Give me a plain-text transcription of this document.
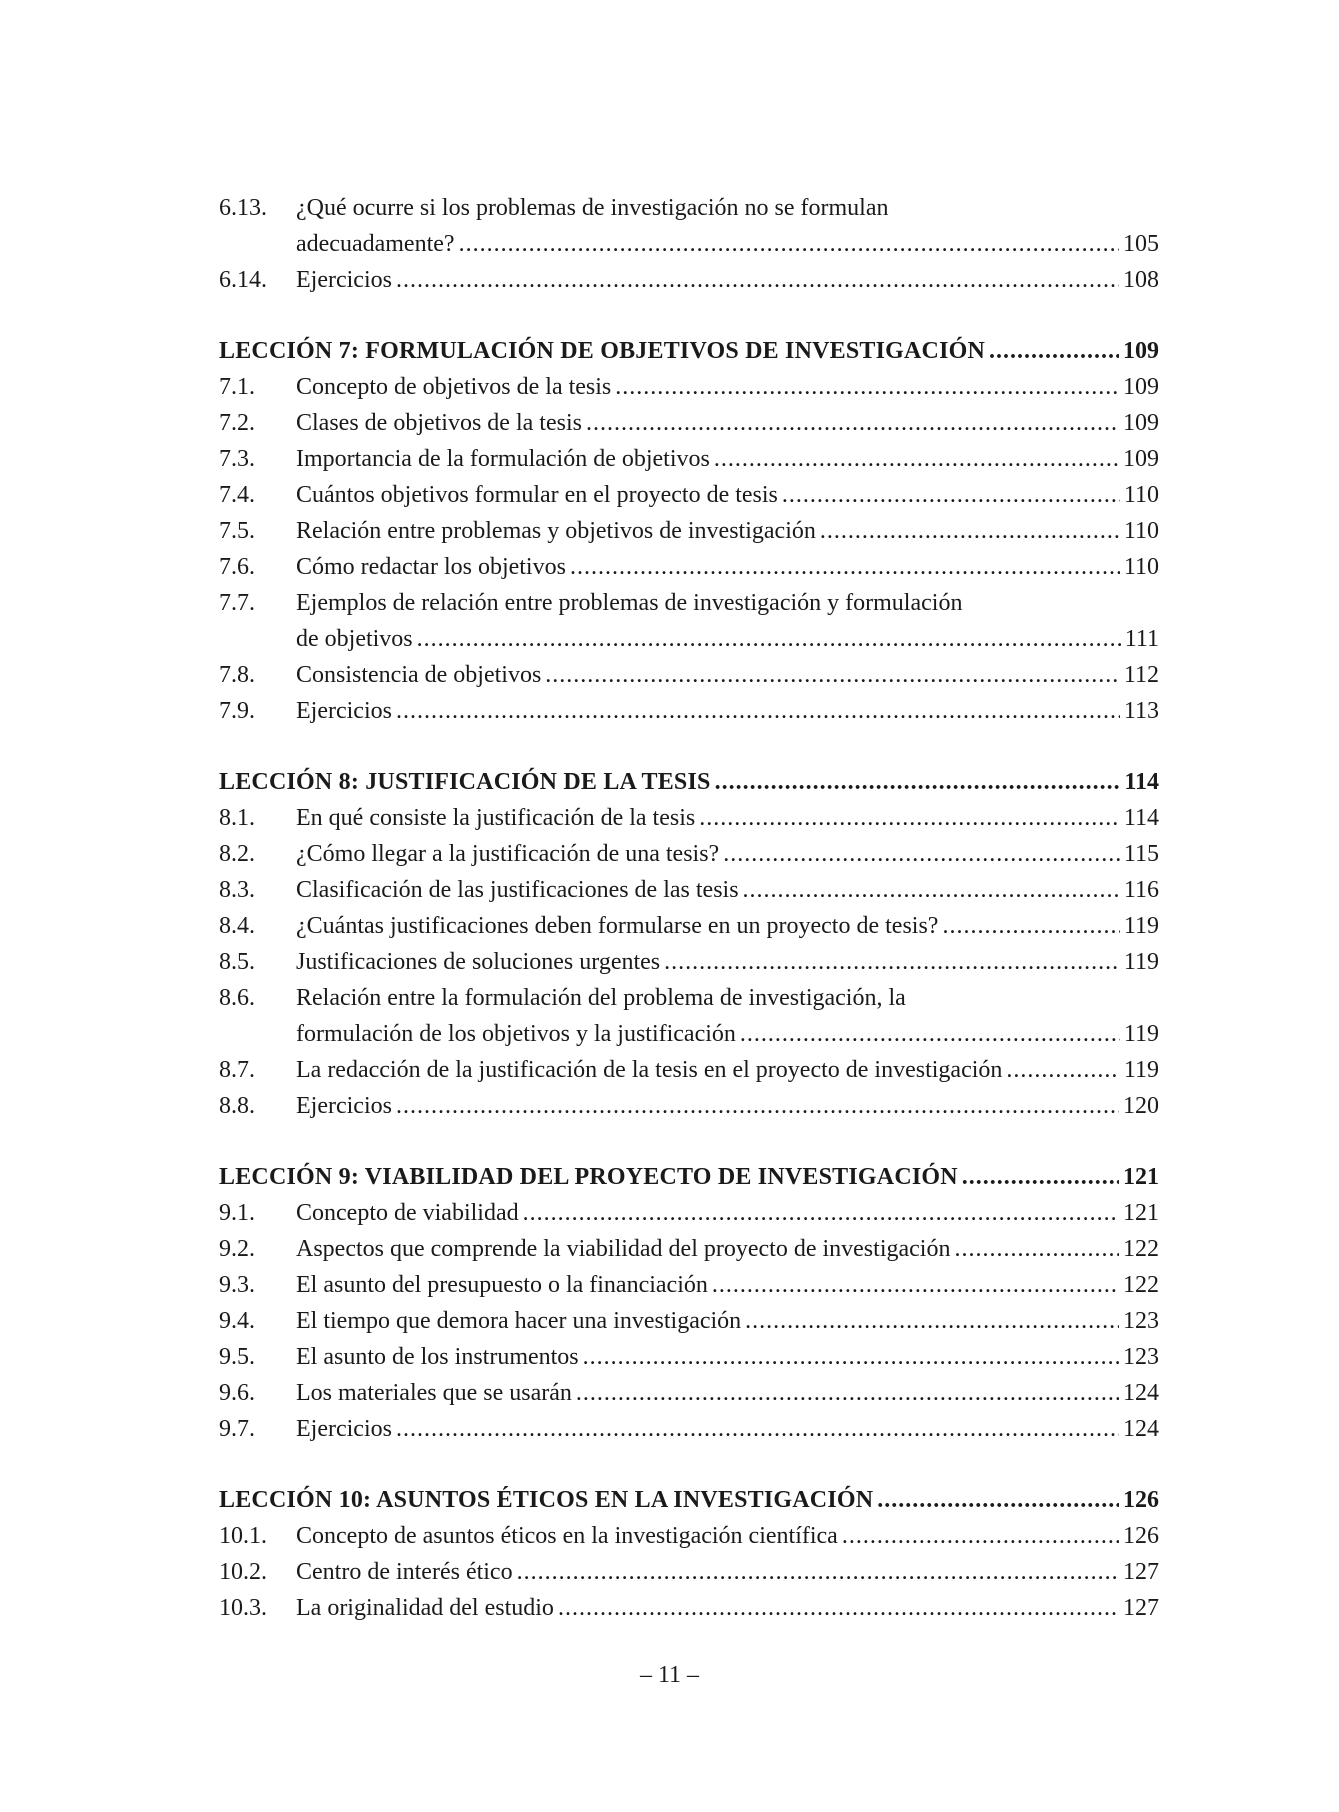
6.13.	¿Qué ocurre si los problemas de investigación no se formulan
adecuadamente? .....	105
6.14.	Ejercicios .....	108
LECCIÓN 7: FORMULACIÓN DE OBJETIVOS DE INVESTIGACIÓN .....	109
7.1.	Concepto de objetivos de la tesis .....	109
7.2.	Clases de objetivos de la tesis .....	109
7.3.	Importancia de la formulación de objetivos .....	109
7.4.	Cuántos objetivos formular en el proyecto de tesis .....	110
7.5.	Relación entre problemas y objetivos de investigación .....	110
7.6.	Cómo redactar los objetivos .....	110
7.7.	Ejemplos de relación entre problemas de investigación y formulación
de objetivos .....	111
7.8.	Consistencia de objetivos .....	112
7.9.	Ejercicios .....	113
LECCIÓN 8: JUSTIFICACIÓN DE LA TESIS .....	114
8.1.	En qué consiste la justificación de la tesis .....	114
8.2.	¿Cómo llegar a la justificación de una tesis? .....	115
8.3.	Clasificación de las justificaciones de las tesis .....	116
8.4.	¿Cuántas justificaciones deben formularse en un proyecto de tesis? .....	119
8.5.	Justificaciones de soluciones urgentes .....	119
8.6.	Relación entre la formulación del problema de investigación, la
formulación de los objetivos y la justificación .....	119
8.7.	La redacción de la justificación de la tesis en el proyecto de investigación .....	119
8.8.	Ejercicios .....	120
LECCIÓN 9: VIABILIDAD DEL PROYECTO DE INVESTIGACIÓN .....	121
9.1.	Concepto de viabilidad .....	121
9.2.	Aspectos que comprende la viabilidad del proyecto de investigación .....	122
9.3.	El asunto del presupuesto o la financiación .....	122
9.4.	El tiempo que demora hacer una investigación .....	123
9.5.	El asunto de los instrumentos .....	123
9.6.	Los materiales que se usarán .....	124
9.7.	Ejercicios .....	124
LECCIÓN 10: ASUNTOS ÉTICOS EN LA INVESTIGACIÓN .....	126
10.1.	Concepto de asuntos éticos en la investigación científica .....	126
10.2.	Centro de interés ético .....	127
10.3.	La originalidad del estudio .....	127
– 11 –
